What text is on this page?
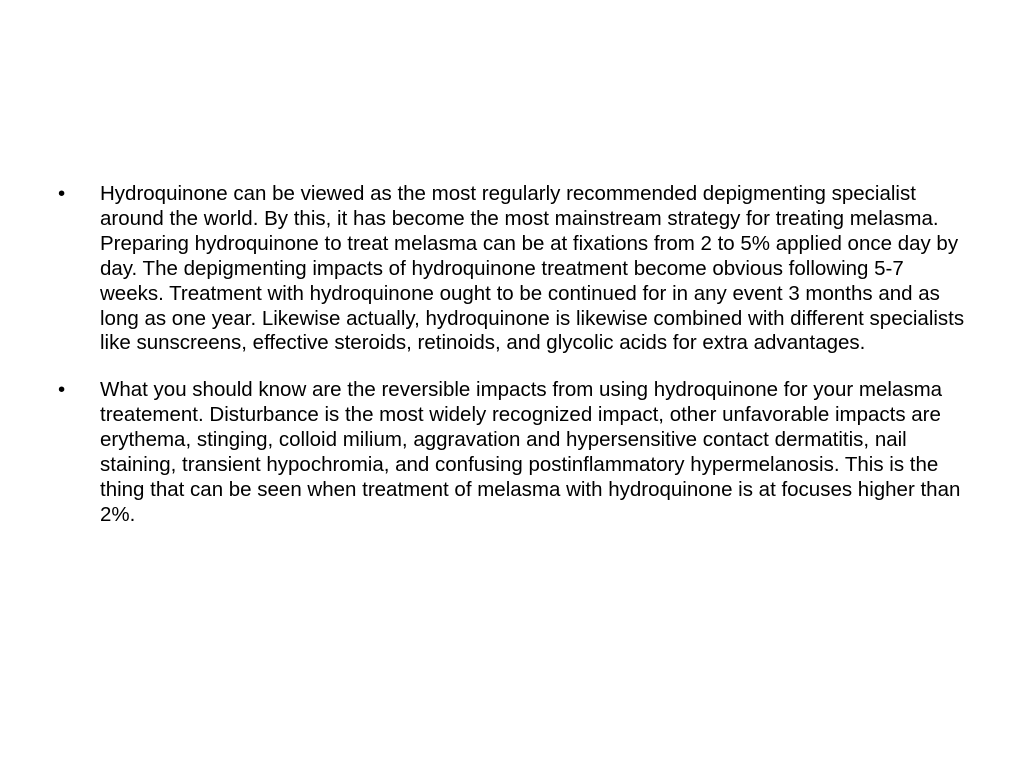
•	Hydroquinone can be viewed as the most regularly recommended depigmenting specialist around the world. By this, it has become the most mainstream strategy for treating melasma. Preparing hydroquinone to treat melasma can be at fixations from 2 to 5% applied once day by day. The depigmenting impacts of hydroquinone treatment become obvious following 5-7 weeks. Treatment with hydroquinone ought to be continued for in any event 3 months and as long as one year. Likewise actually, hydroquinone is likewise combined with different specialists like sunscreens, effective steroids, retinoids, and glycolic acids for extra advantages.
•	What you should know are the reversible impacts from using hydroquinone for your melasma treatement. Disturbance is the most widely recognized impact, other unfavorable impacts are erythema, stinging, colloid milium, aggravation and hypersensitive contact dermatitis, nail staining, transient hypochromia, and confusing postinflammatory hypermelanosis. This is the thing that can be seen when treatment of melasma with hydroquinone is at focuses higher than 2%.
